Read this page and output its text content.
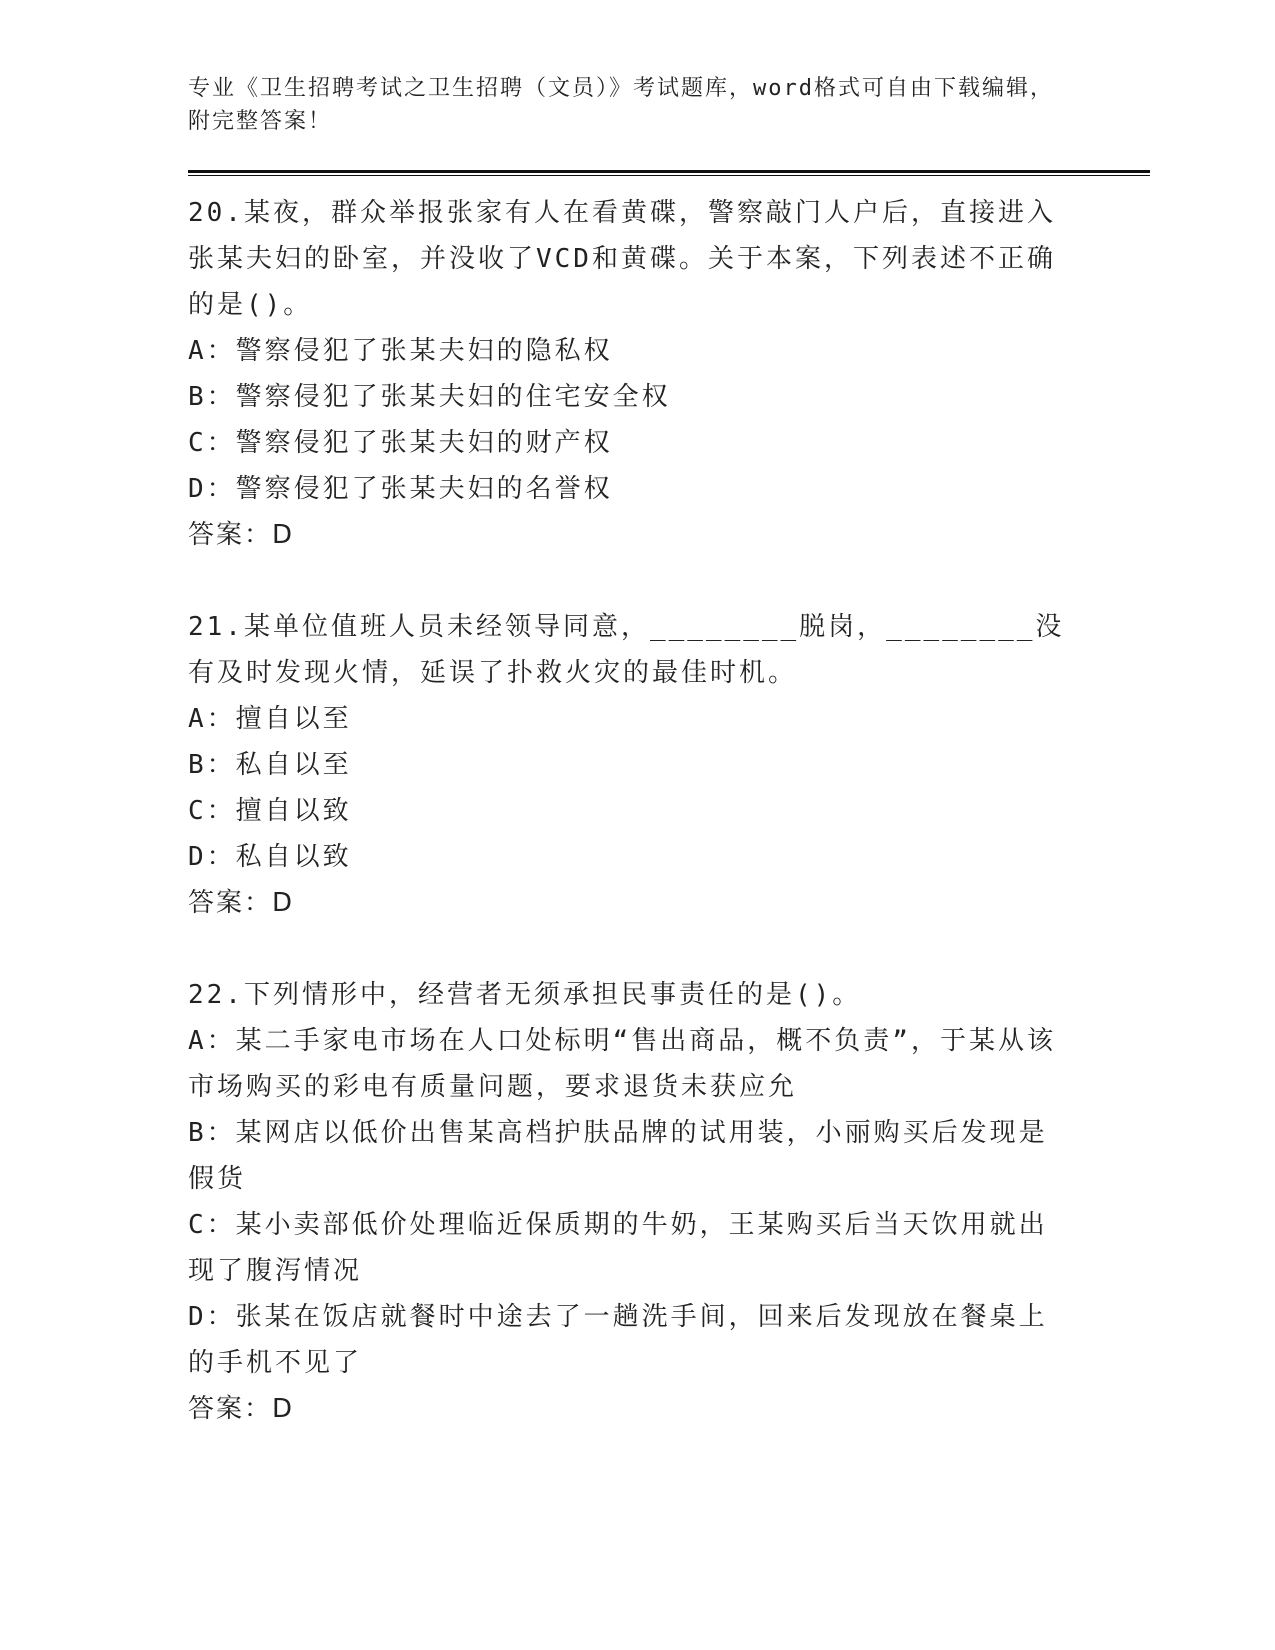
专业《卫生招聘考试之卫生招聘（文员）》考试题库，word格式可自由下载编辑，附完整答案！

20.某夜，群众举报张家有人在看黄碟，警察敲门人户后，直接进入张某夫妇的卧室，并没收了VCD和黄碟。关于本案，下列表述不正确的是()。

A：警察侵犯了张某夫妇的隐私权

B：警察侵犯了张某夫妇的住宅安全权

C：警察侵犯了张某夫妇的财产权

D：警察侵犯了张某夫妇的名誉权

答案：D

21.某单位值班人员未经领导同意，________脱岗，________没有及时发现火情，延误了扑救火灾的最佳时机。

A：擅自以至

B：私自以至

C：擅自以致

D：私自以致

答案：D

22.下列情形中，经营者无须承担民事责任的是()。

A：某二手家电市场在人口处标明“售出商品，概不负责”，于某从该市场购买的彩电有质量问题，要求退货未获应允

B：某网店以低价出售某高档护肤品牌的试用装，小丽购买后发现是假货

C：某小卖部低价处理临近保质期的牛奶，王某购买后当天饮用就出现了腹泻情况

D：张某在饭店就餐时中途去了一趟洗手间，回来后发现放在餐桌上的手机不见了

答案：D
